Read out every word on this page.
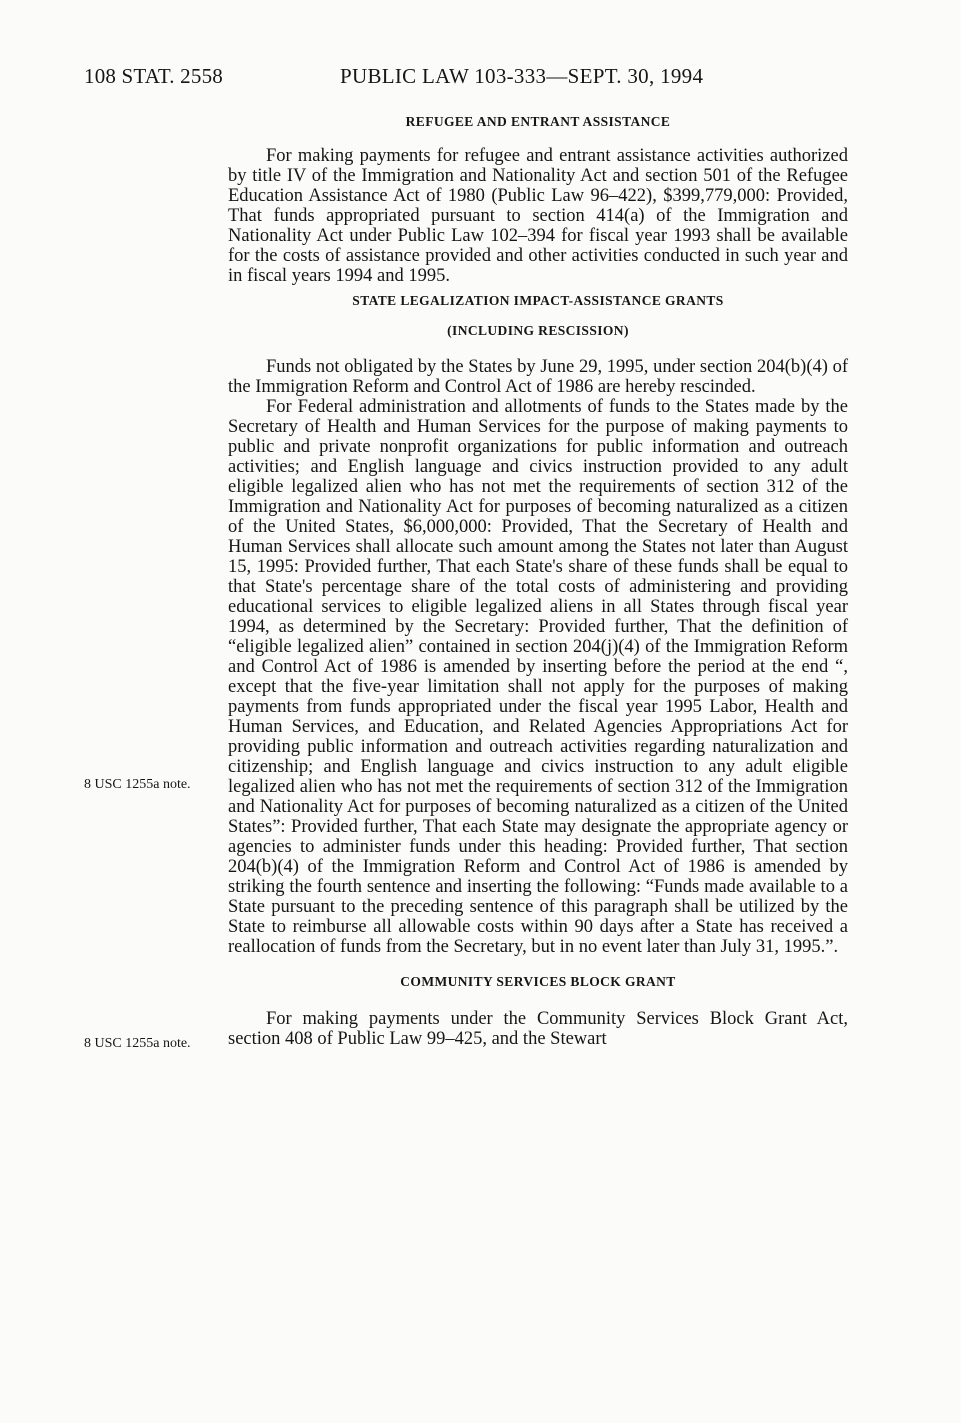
108 STAT. 2558	PUBLIC LAW 103-333—SEPT. 30, 1994
8 USC 1255a note.
8 USC 1255a note.
REFUGEE AND ENTRANT ASSISTANCE

For making payments for refugee and entrant assistance activities authorized by title IV of the Immigration and Nationality Act and section 501 of the Refugee Education Assistance Act of 1980 (Public Law 96–422), $399,779,000: Provided, That funds appropriated pursuant to section 414(a) of the Immigration and Nationality Act under Public Law 102–394 for fiscal year 1993 shall be available for the costs of assistance provided and other activities conducted in such year and in fiscal years 1994 and 1995.

STATE LEGALIZATION IMPACT-ASSISTANCE GRANTS
(INCLUDING RESCISSION)

Funds not obligated by the States by June 29, 1995, under section 204(b)(4) of the Immigration Reform and Control Act of 1986 are hereby rescinded.

For Federal administration and allotments of funds to the States made by the Secretary of Health and Human Services for the purpose of making payments to public and private nonprofit organizations for public information and outreach activities; and English language and civics instruction provided to any adult eligible legalized alien who has not met the requirements of section 312 of the Immigration and Nationality Act for purposes of becoming naturalized as a citizen of the United States, $6,000,000: Provided, That the Secretary of Health and Human Services shall allocate such amount among the States not later than August 15, 1995: Provided further, That each State's share of these funds shall be equal to that State's percentage share of the total costs of administering and providing educational services to eligible legalized aliens in all States through fiscal year 1994, as determined by the Secretary: Provided further, That the definition of “eligible legalized alien” contained in section 204(j)(4) of the Immigration Reform and Control Act of 1986 is amended by inserting before the period at the end “, except that the five-year limitation shall not apply for the purposes of making payments from funds appropriated under the fiscal year 1995 Labor, Health and Human Services, and Education, and Related Agencies Appropriations Act for providing public information and outreach activities regarding naturalization and citizenship; and English language and civics instruction to any adult eligible legalized alien who has not met the requirements of section 312 of the Immigration and Nationality Act for purposes of becoming naturalized as a citizen of the United States”: Provided further, That each State may designate the appropriate agency or agencies to administer funds under this heading: Provided further, That section 204(b)(4) of the Immigration Reform and Control Act of 1986 is amended by striking the fourth sentence and inserting the following: “Funds made available to a State pursuant to the preceding sentence of this paragraph shall be utilized by the State to reimburse all allowable costs within 90 days after a State has received a reallocation of funds from the Secretary, but in no event later than July 31, 1995.”.

COMMUNITY SERVICES BLOCK GRANT

For making payments under the Community Services Block Grant Act, section 408 of Public Law 99–425, and the Stewart
